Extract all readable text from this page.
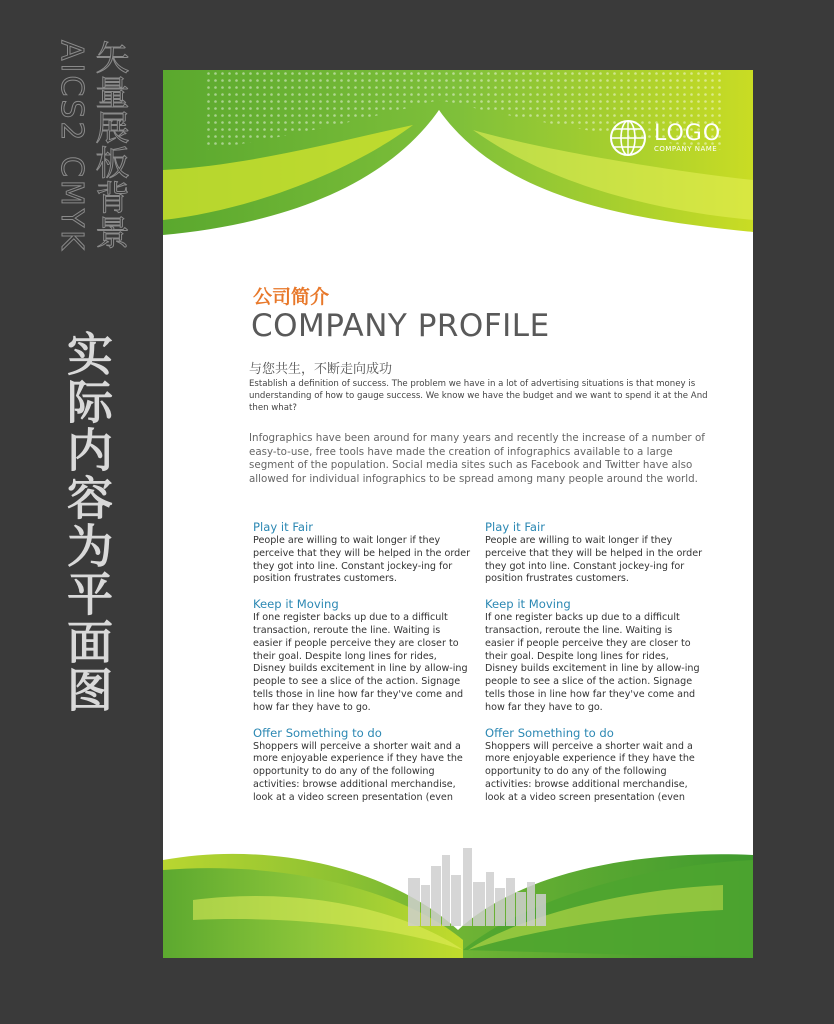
矢量展板背景
AICS2 CMYK
实际内容为平面图
LOGO
COMPANY NAME
公司简介
COMPANY PROFILE
与您共生，不断走向成功
Establish a definition of success. The problem we have in a lot of advertising situations is that money is understanding of how to gauge success. We know we have the budget and we want to spend it at the And then what?
Infographics have been around for many years and recently the increase of a number of easy-to-use, free tools have made the creation of infographics available to a large segment of the population. Social media sites such as Facebook and Twitter have also allowed for individual infographics to be spread among many people around the world.
Play it Fair
People are willing to wait longer if they perceive that they will be helped in the order they got into line. Constant jockey-ing for position frustrates customers.
Keep it Moving
If one register backs up due to a difficult transaction, reroute the line. Waiting is easier if people perceive they are closer to their goal. Despite long lines for rides, Disney builds excitement in line by allow-ing people to see a slice of the action. Signage tells those in line how far they've come and how far they have to go.
Offer Something to do
Shoppers will perceive a shorter wait and a more enjoyable experience if they have the opportunity to do any of the following activities: browse additional merchandise, look at a video screen presentation (even
Play it Fair
People are willing to wait longer if they perceive that they will be helped in the order they got into line. Constant jockey-ing for position frustrates customers.
Keep it Moving
If one register backs up due to a difficult transaction, reroute the line. Waiting is easier if people perceive they are closer to their goal. Despite long lines for rides, Disney builds excitement in line by allow-ing people to see a slice of the action. Signage tells those in line how far they've come and how far they have to go.
Offer Something to do
Shoppers will perceive a shorter wait and a more enjoyable experience if they have the opportunity to do any of the following activities: browse additional merchandise, look at a video screen presentation (even
